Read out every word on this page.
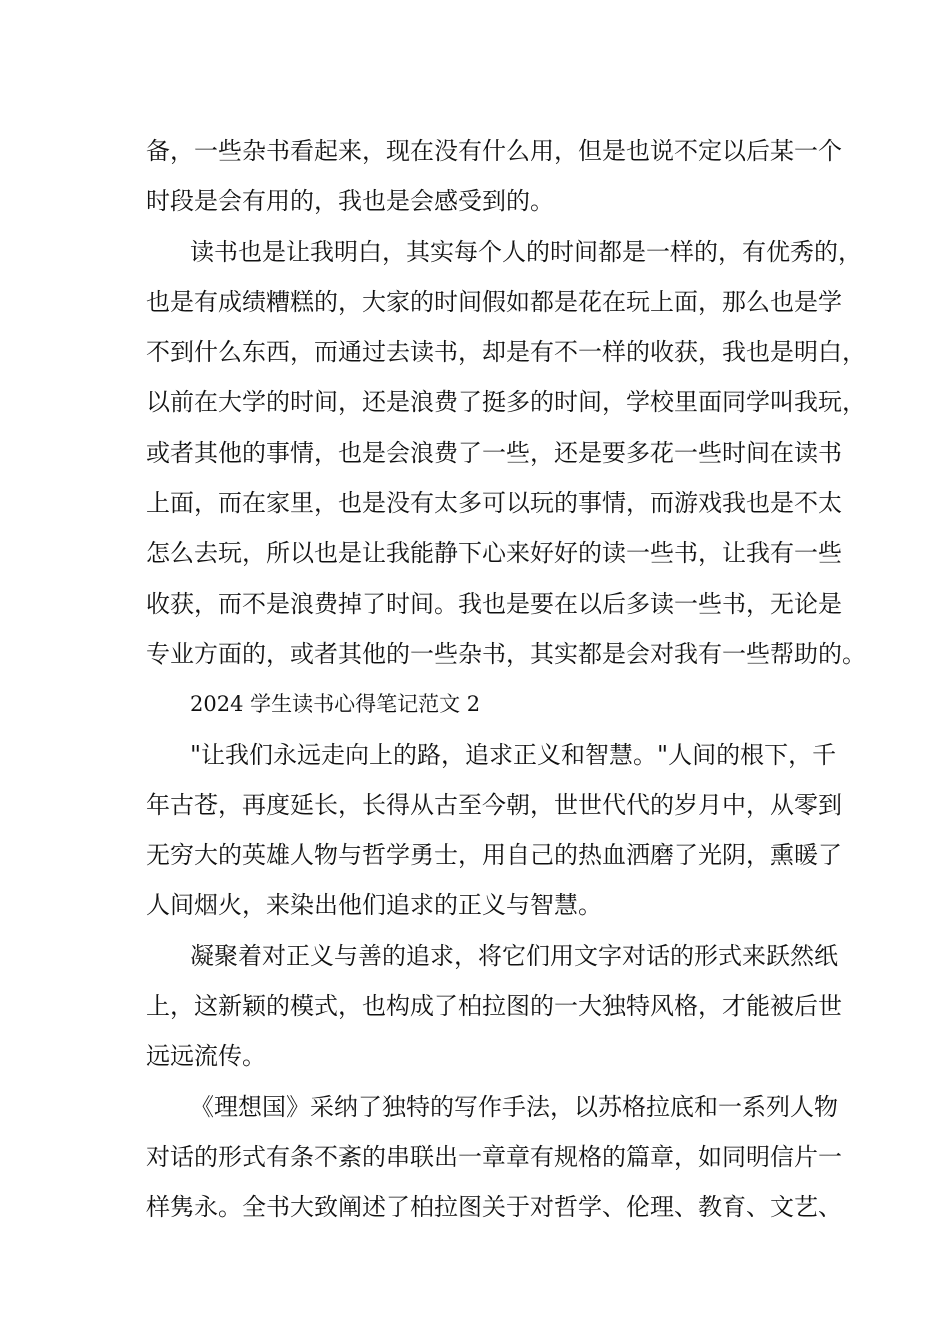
备，一些杂书看起来，现在没有什么用，但是也说不定以后某一个
时段是会有用的，我也是会感受到的。
读书也是让我明白，其实每个人的时间都是一样的，有优秀的，
也是有成绩糟糕的，大家的时间假如都是花在玩上面，那么也是学
不到什么东西，而通过去读书，却是有不一样的收获，我也是明白，
以前在大学的时间，还是浪费了挺多的时间，学校里面同学叫我玩，
或者其他的事情，也是会浪费了一些，还是要多花一些时间在读书
上面，而在家里，也是没有太多可以玩的事情，而游戏我也是不太
怎么去玩，所以也是让我能静下心来好好的读一些书，让我有一些
收获，而不是浪费掉了时间。我也是要在以后多读一些书，无论是
专业方面的，或者其他的一些杂书，其实都是会对我有一些帮助的。
2024 学生读书心得笔记范文 2
"让我们永远走向上的路，追求正义和智慧。"人间的根下，千
年古苍，再度延长，长得从古至今朝，世世代代的岁月中，从零到
无穷大的英雄人物与哲学勇士，用自己的热血洒磨了光阴，熏暖了
人间烟火，来染出他们追求的正义与智慧。
凝聚着对正义与善的追求，将它们用文字对话的形式来跃然纸
上，这新颖的模式，也构成了柏拉图的一大独特风格，才能被后世
远远流传。
《理想国》采纳了独特的写作手法，以苏格拉底和一系列人物
对话的形式有条不紊的串联出一章章有规格的篇章，如同明信片一
样隽永。全书大致阐述了柏拉图关于对哲学、伦理、教育、文艺、
